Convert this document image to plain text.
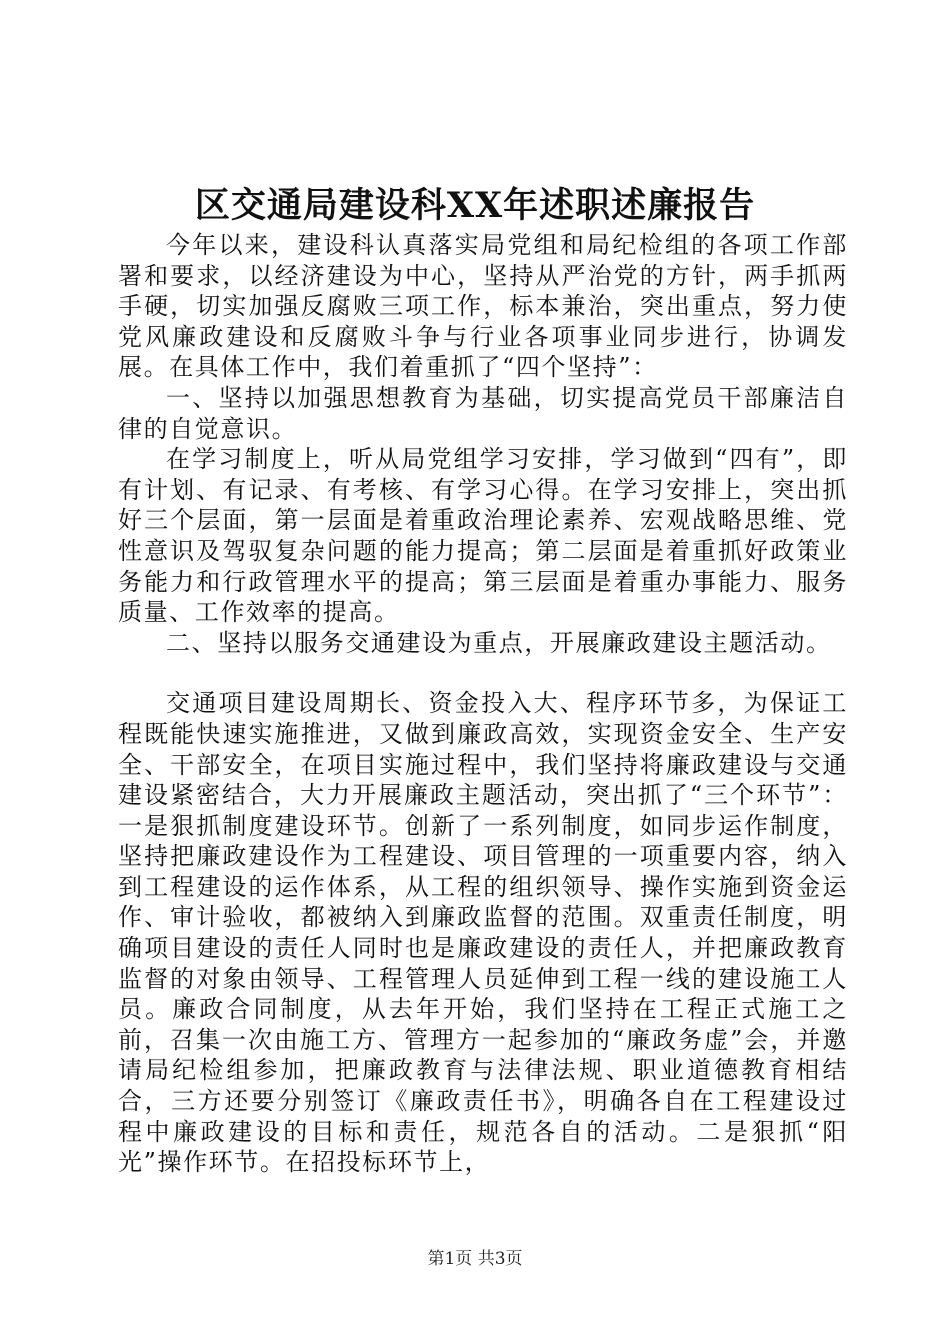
区交通局建设科XX年述职述廉报告

今年以来，建设科认真落实局党组和局纪检组的各项工作部署和要求，以经济建设为中心，坚持从严治党的方针，两手抓两手硬，切实加强反腐败三项工作，标本兼治，突出重点，努力使党风廉政建设和反腐败斗争与行业各项事业同步进行，协调发展。在具体工作中，我们着重抓了“四个坚持”：

一、坚持以加强思想教育为基础，切实提高党员干部廉洁自律的自觉意识。

在学习制度上，听从局党组学习安排，学习做到“四有”，即有计划、有记录、有考核、有学习心得。在学习安排上，突出抓好三个层面，第一层面是着重政治理论素养、宏观战略思维、党性意识及驾驭复杂问题的能力提高；第二层面是着重抓好政策业务能力和行政管理水平的提高；第三层面是着重办事能力、服务质量、工作效率的提高。

二、坚持以服务交通建设为重点，开展廉政建设主题活动。

交通项目建设周期长、资金投入大、程序环节多，为保证工程既能快速实施推进，又做到廉政高效，实现资金安全、生产安全、干部安全，在项目实施过程中，我们坚持将廉政建设与交通建设紧密结合，大力开展廉政主题活动，突出抓了“三个环节”：一是狠抓制度建设环节。创新了一系列制度，如同步运作制度，坚持把廉政建设作为工程建设、项目管理的一项重要内容，纳入到工程建设的运作体系，从工程的组织领导、操作实施到资金运作、审计验收，都被纳入到廉政监督的范围。双重责任制度，明确项目建设的责任人同时也是廉政建设的责任人，并把廉政教育监督的对象由领导、工程管理人员延伸到工程一线的建设施工人员。廉政合同制度，从去年开始，我们坚持在工程正式施工之前，召集一次由施工方、管理方一起参加的“廉政务虚”会，并邀请局纪检组参加，把廉政教育与法律法规、职业道德教育相结合，三方还要分别签订《廉政责任书》，明确各自在工程建设过程中廉政建设的目标和责任，规范各自的活动。二是狠抓“阳光”操作环节。在招投标环节上，

第1页 共3页
